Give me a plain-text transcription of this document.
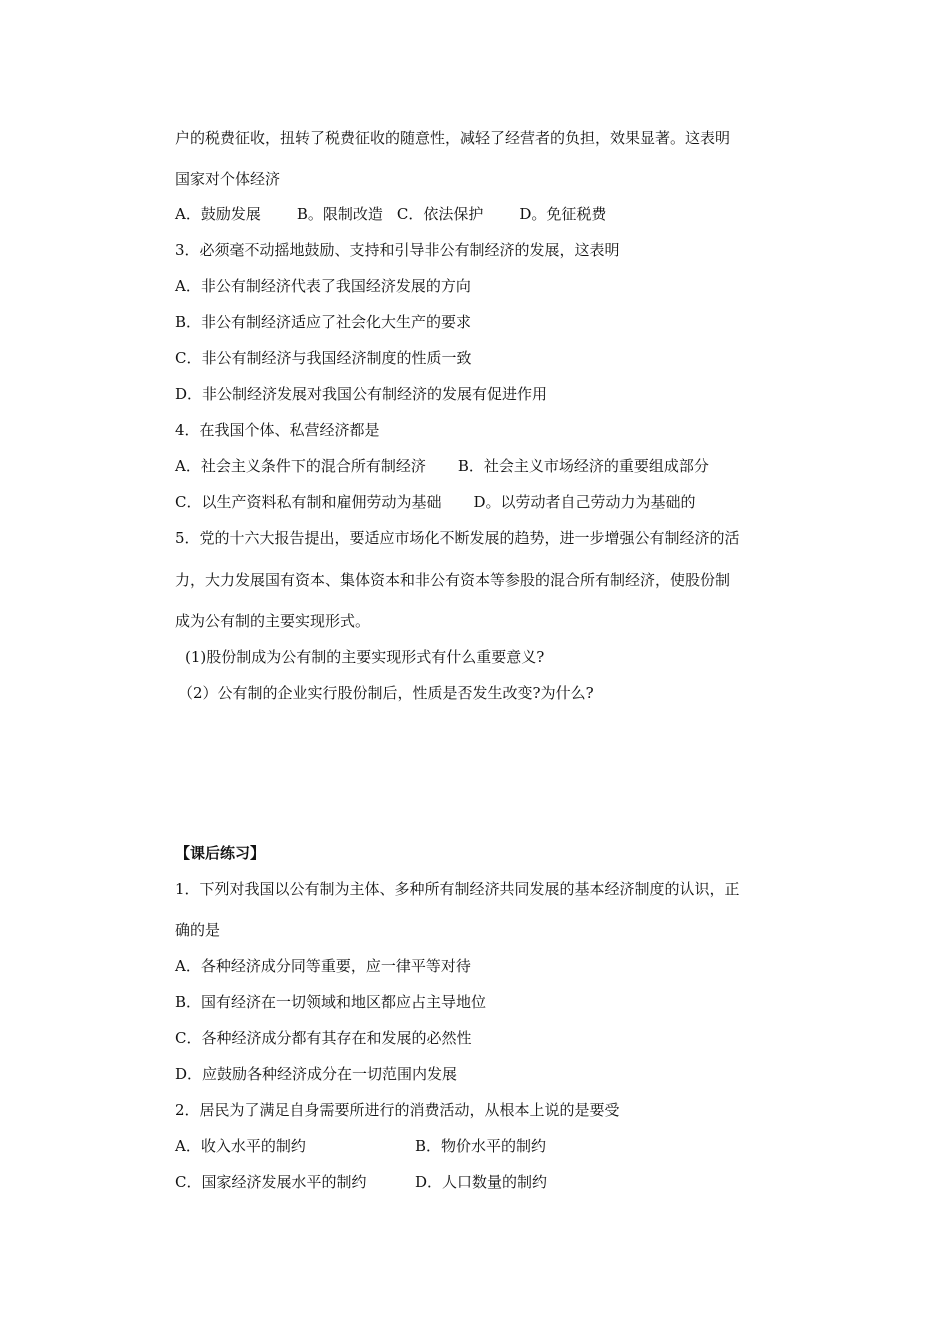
户的税费征收，扭转了税费征收的随意性，减轻了经营者的负担，效果显著。这表明
国家对个体经济
A．鼓励发展 B。限制改造 C．依法保护 D。免征税费
3．必须毫不动摇地鼓励、支持和引导非公有制经济的发展，这表明
A．非公有制经济代表了我国经济发展的方向
B．非公有制经济适应了社会化大生产的要求
C．非公有制经济与我国经济制度的性质一致
D．非公制经济发展对我国公有制经济的发展有促进作用
4．在我国个体、私营经济都是
A．社会主义条件下的混合所有制经济 B．社会主义市场经济的重要组成部分
C．以生产资料私有制和雇佣劳动为基础 D。以劳动者自己劳动力为基础的
5．党的十六大报告提出，要适应市场化不断发展的趋势，进一步增强公有制经济的活
力，大力发展国有资本、集体资本和非公有资本等参股的混合所有制经济，使股份制
成为公有制的主要实现形式。
(1)股份制成为公有制的主要实现形式有什么重要意义?
（2）公有制的企业实行股份制后，性质是否发生改变?为什么?
【课后练习】
1．下列对我国以公有制为主体、多种所有制经济共同发展的基本经济制度的认识，正
确的是
A．各种经济成分同等重要，应一律平等对待
B．国有经济在一切领域和地区都应占主导地位
C．各种经济成分都有其存在和发展的必然性
D．应鼓励各种经济成分在一切范围内发展
2．居民为了满足自身需要所进行的消费活动，从根本上说的是要受
A．收入水平的制约	B．物价水平的制约
C．国家经济发展水平的制约	D．人口数量的制约
